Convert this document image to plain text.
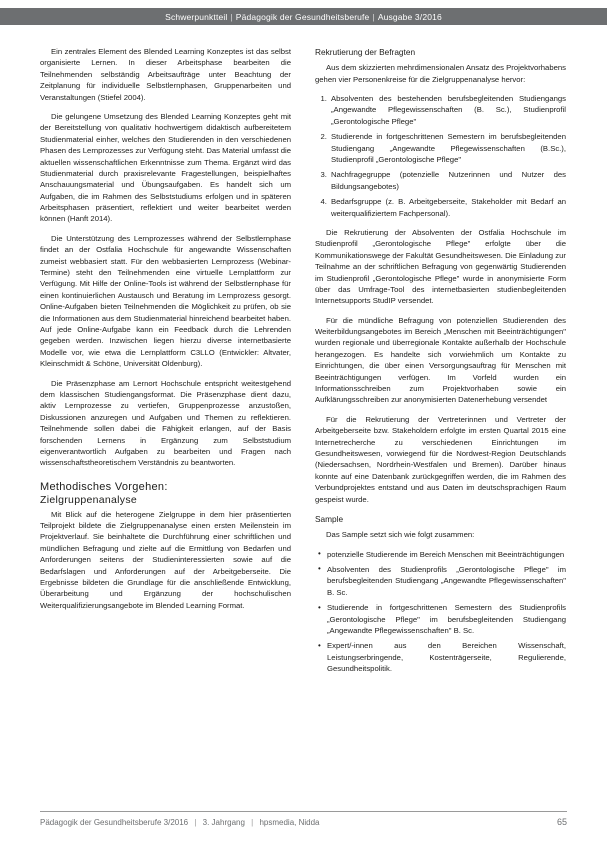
Schwerpunktteil | Pädagogik der Gesundheitsberufe | Ausgabe 3/2016

Ein zentrales Element des Blended Learning Konzeptes ist das selbst organisierte Lernen. In dieser Arbeitsphase bearbeiten die Teilnehmenden selbständig Arbeitsaufträge unter Beachtung der Zeitplanung für individuelle Selbstlernphasen, Gruppenarbeiten und Veranstaltungen (Stiefel 2004).

Die gelungene Umsetzung des Blended Learning Konzeptes geht mit der Bereitstellung von qualitativ hochwertigem didaktisch aufbereitetem Studienmaterial einher, welches den Studierenden in den verschiedenen Phasen des Lernprozesses zur Verfügung steht. Das Material umfasst die aktuellen wissenschaftlichen Erkenntnisse zum Thema. Ergänzt wird das Studienmaterial durch praxisrelevante Fragestellungen, beispielhaftes Anschauungsmaterial und Übungsaufgaben. Es handelt sich um Aufgaben, die im Rahmen des Selbststudiums erfolgen und in späteren Arbeitsphasen präsentiert, reflektiert und weiter bearbeitet werden können (Hanft 2014).

Die Unterstützung des Lernprozesses während der Selbstlernphase findet an der Ostfalia Hochschule für angewandte Wissenschaften zumeist webbasiert statt. Für den webbasierten Lernprozess (Webinar-Termine) steht den Teilnehmenden eine virtuelle Lernplattform zur Verfügung. Mit Hilfe der Online-Tools ist während der Selbstlernphase für einen kontinuierlichen Austausch und Beratung im Lernprozess gesorgt. Online-Aufgaben bieten Teilnehmenden die Möglichkeit zu prüfen, ob sie die Informationen aus dem Studienmaterial hinreichend bearbeitet haben. Auf jede Online-Aufgabe kann ein Feedback durch die Lehrenden gegeben werden. Inzwischen liegen hierzu diverse internetbasierte Modelle vor, wie etwa die Lernplattform C3LLO (Entwickler: Altvater, Kleinschmidt & Schöne, Universität Oldenburg).

Die Präsenzphase am Lernort Hochschule entspricht weitestgehend dem klassischen Studiengangsformat. Die Präsenzphase dient dazu, aktiv Lernprozesse zu vertiefen, Gruppenprozesse anzustoßen, Diskussionen anzuregen und Aufgaben und Themen zu reflektieren. Teilnehmende sollen dabei die Fähigkeit erlangen, auf der Basis forschenden Lernens in Ergänzung zum Selbststudium eigenverantwortlich Aufgaben zu bearbeiten und Fragen nach wissenschaftstheoretischem Verständnis zu beantworten.

Methodisches Vorgehen:
Zielgruppenanalyse

Mit Blick auf die heterogene Zielgruppe in dem hier präsentierten Teilprojekt bildete die Zielgruppenanalyse einen ersten Meilenstein im Projektverlauf. Sie beinhaltete die Durchführung einer schriftlichen und mündlichen Befragung und zielte auf die Ermittlung von Bedarfen und Anforderungen seitens der Studieninteressierten sowie auf die Bedarfslagen und Anforderungen auf der Arbeitgeberseite. Die Ergebnisse bildeten die Grundlage für die anschließende Entwicklung, Überarbeitung und Ergänzung der hochschulischen Weiterqualifizierungsangebote im Blended Learning Format.

Rekrutierung der Befragten

Aus dem skizzierten mehrdimensionalen Ansatz des Projektvorhabens gehen vier Personenkreise für die Zielgruppenanalyse hervor:

1. Absolventen des bestehenden berufsbegleitenden Studiengangs „Angewandte Pflegewissenschaften (B. Sc.), Studienprofil „Gerontologische Pflege"
2. Studierende in fortgeschrittenen Semestern im berufsbegleitenden Studiengang „Angewandte Pflegewissenschaften (B.Sc.), Studienprofil „Gerontologische Pflege"
3. Nachfragegruppe (potenzielle Nutzerinnen und Nutzer des Bildungsangebotes)
4. Bedarfsgruppe (z. B. Arbeitgeberseite, Stakeholder mit Bedarf an weiterqualifiziertem Fachpersonal).

Die Rekrutierung der Absolventen der Ostfalia Hochschule im Studienprofil „Gerontologische Pflege" erfolgte über die Kommunikationswege der Fakultät Gesundheitswesen. Die Einladung zur Teilnahme an der schriftlichen Befragung von gegenwärtig Studierenden im Studienprofil „Gerontologische Pflege" wurde in anonymisierte Form über das Umfrage-Tool des internetbasierten studienbegleitenden Internetsupports StudIP versendet.

Für die mündliche Befragung von potenziellen Studierenden des Weiterbildungsangebotes im Bereich „Menschen mit Beeinträchtigungen" wurden regionale und überregionale Kontakte außerhalb der Hochschule herangezogen. Es handelte sich vorwiehmlich um Kontakte zu Einrichtungen, die über einen Versorgungsauftrag für Menschen mit Beeinträchtigungen verfügen. Im Vorfeld wurden ein Informationsschreiben zum Projektvorhaben sowie ein Aufklärungsschreiben zur anonymisierten Datenerhebung versendet

Für die Rekrutierung der Vertreterinnen und Vertreter der Arbeitgeberseite bzw. Stakeholdern erfolgte im ersten Quartal 2015 eine Internetrecherche zu verschiedenen Einrichtungen im Gesundheitswesen, vorwiegend für die Nordwest-Region Deutschlands (Niedersachsen, Nordrhein-Westfalen und Bremen). Darüber hinaus konnte auf eine Datenbank zurückgegriffen werden, die im Rahmen des Verbundprojektes entstand und aus Daten im deutschsprachigen Raum gespeist wurde.

Sample

Das Sample setzt sich wie folgt zusammen:

• potenzielle Studierende im Bereich Menschen mit Beeinträchtigungen
• Absolventen des Studienprofils „Gerontologische Pflege" im berufsbegleitenden Studiengang „Angewandte Pflegewissenschaften" B. Sc.
• Studierende in fortgeschrittenen Semestern des Studienprofils „Gerontologische Pflege" im berufsbegleitenden Studiengang „Angewandte Pflegewissenschaften" B. Sc.
• Expert/-innen aus den Bereichen Wissenschaft, Leistungserbringende, Kostenträgerseite, Regulierende, Gesundheitspolitik.
Pädagogik der Gesundheitsberufe 3/2016 | 3. Jahrgang | hpsmedia, Nidda	65
